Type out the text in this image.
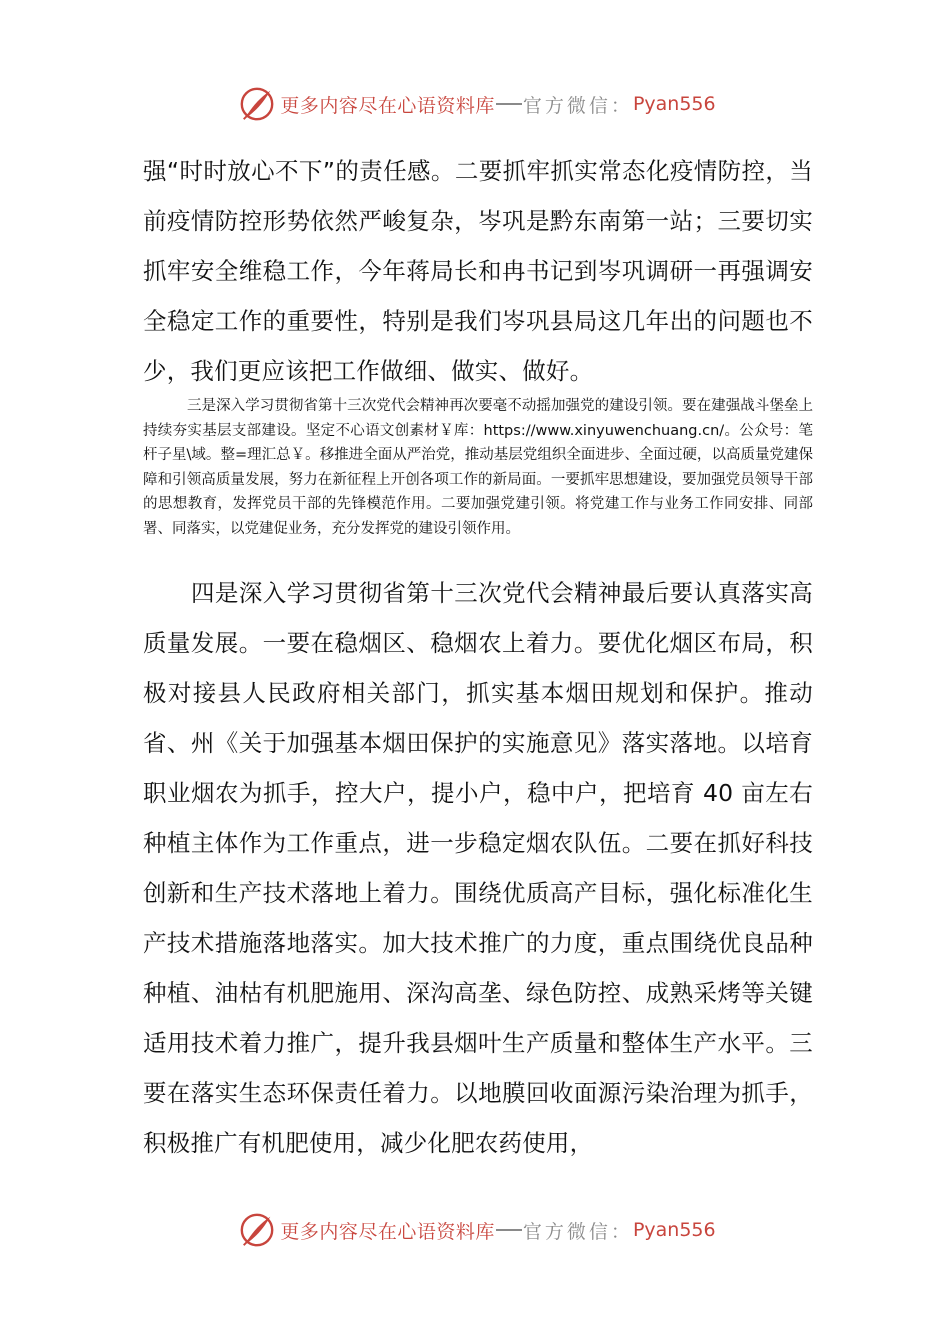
更多内容尽在心语资料库 官方微信： Pyan556

强“时时放心不下”的责任感。二要抓牢抓实常态化疫情防控，当前疫情防控形势依然严峻复杂，岑巩是黔东南第一站；三要切实抓牢安全维稳工作，今年蒋局长和冉书记到岑巩调研一再强调安全稳定工作的重要性，特别是我们岑巩县局这几年出的问题也不少，我们更应该把工作做细、做实、做好。

三是深入学习贯彻省第十三次党代会精神再次要毫不动摇加强党的建设引领。要在建强战斗堡垒上持续夯实基层支部建设。坚定不心语文创素材￥库：https://www.xinyuwenchuang.cn/。公众号：笔杆子星\域。整=理汇总￥。移推进全面从严治党，推动基层党组织全面进步、全面过硬，以高质量党建保障和引领高质量发展，努力在新征程上开创各项工作的新局面。一要抓牢思想建设，要加强党员领导干部的思想教育，发挥党员干部的先锋模范作用。二要加强党建引领。将党建工作与业务工作同安排、同部署、同落实，以党建促业务，充分发挥党的建设引领作用。

四是深入学习贯彻省第十三次党代会精神最后要认真落实高质量发展。一要在稳烟区、稳烟农上着力。要优化烟区布局，积极对接县人民政府相关部门，抓实基本烟田规划和保护。推动省、州《关于加强基本烟田保护的实施意见》落实落地。以培育职业烟农为抓手，控大户，提小户，稳中户，把培育 40 亩左右种植主体作为工作重点，进一步稳定烟农队伍。二要在抓好科技创新和生产技术落地上着力。围绕优质高产目标，强化标准化生产技术措施落地落实。加大技术推广的力度，重点围绕优良品种种植、油枯有机肥施用、深沟高垄、绿色防控、成熟采烤等关键适用技术着力推广，提升我县烟叶生产质量和整体生产水平。三要在落实生态环保责任着力。以地膜回收面源污染治理为抓手，积极推广有机肥使用，减少化肥农药使用，

更多内容尽在心语资料库 官方微信： Pyan556
